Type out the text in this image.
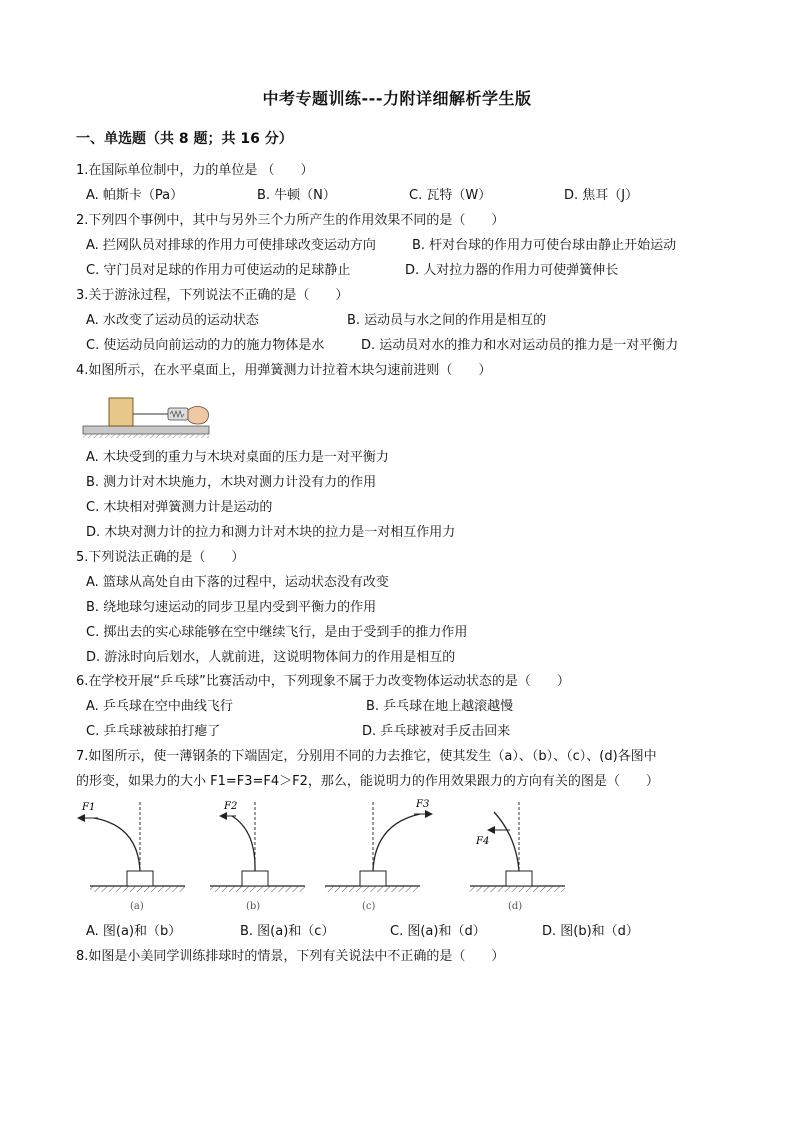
中考专题训练---力附详细解析学生版
一、单选题（共 8 题；共 16 分）
1.在国际单位制中，力的单位是 （　　）
A. 帕斯卡（Pa）	B. 牛顿（N）	C. 瓦特（W）	D. 焦耳（J）
2.下列四个事例中，其中与另外三个力所产生的作用效果不同的是（　　）
A. 拦网队员对排球的作用力可使排球改变运动方向	B. 杆对台球的作用力可使台球由静止开始运动
C. 守门员对足球的作用力可使运动的足球静止	D. 人对拉力器的作用力可使弹簧伸长
3.关于游泳过程，下列说法不正确的是（　　）
A. 水改变了运动员的运动状态	B. 运动员与水之间的作用是相互的
C. 使运动员向前运动的力的施力物体是水	D. 运动员对水的推力和水对运动员的推力是一对平衡力
4.如图所示，在水平桌面上，用弹簧测力计拉着木块匀速前进则（　　）
A. 木块受到的重力与木块对桌面的压力是一对平衡力
B. 测力计对木块施力，木块对测力计没有力的作用
C. 木块相对弹簧测力计是运动的
D. 木块对测力计的拉力和测力计对木块的拉力是一对相互作用力
5.下列说法正确的是（　　）
A. 篮球从高处自由下落的过程中，运动状态没有改变
B. 绕地球匀速运动的同步卫星内受到平衡力的作用
C. 掷出去的实心球能够在空中继续飞行，是由于受到手的推力作用
D. 游泳时向后划水，人就前进，这说明物体间力的作用是相互的
6.在学校开展“乒乓球”比赛活动中，下列现象不属于力改变物体运动状态的是（　　）
A. 乒乓球在空中曲线飞行	B. 乒乓球在地上越滚越慢
C. 乒乓球被球拍打瘪了	D. 乒乓球被对手反击回来
7.如图所示，使一薄钢条的下端固定，分别用不同的力去推它，使其发生（a）、（b）、（c）、(d)各图中
的形变，如果力的大小 F1=F3=F4＞F2，那么，能说明力的作用效果跟力的方向有关的图是（　　）
F1
(a)
F2
(b)
F3
(c)
F4
(d)
A. 图(a)和（b）	B. 图(a)和（c）	C. 图(a)和（d）	D. 图(b)和（d）
8.如图是小美同学训练排球时的情景，下列有关说法中不正确的是（　　）
